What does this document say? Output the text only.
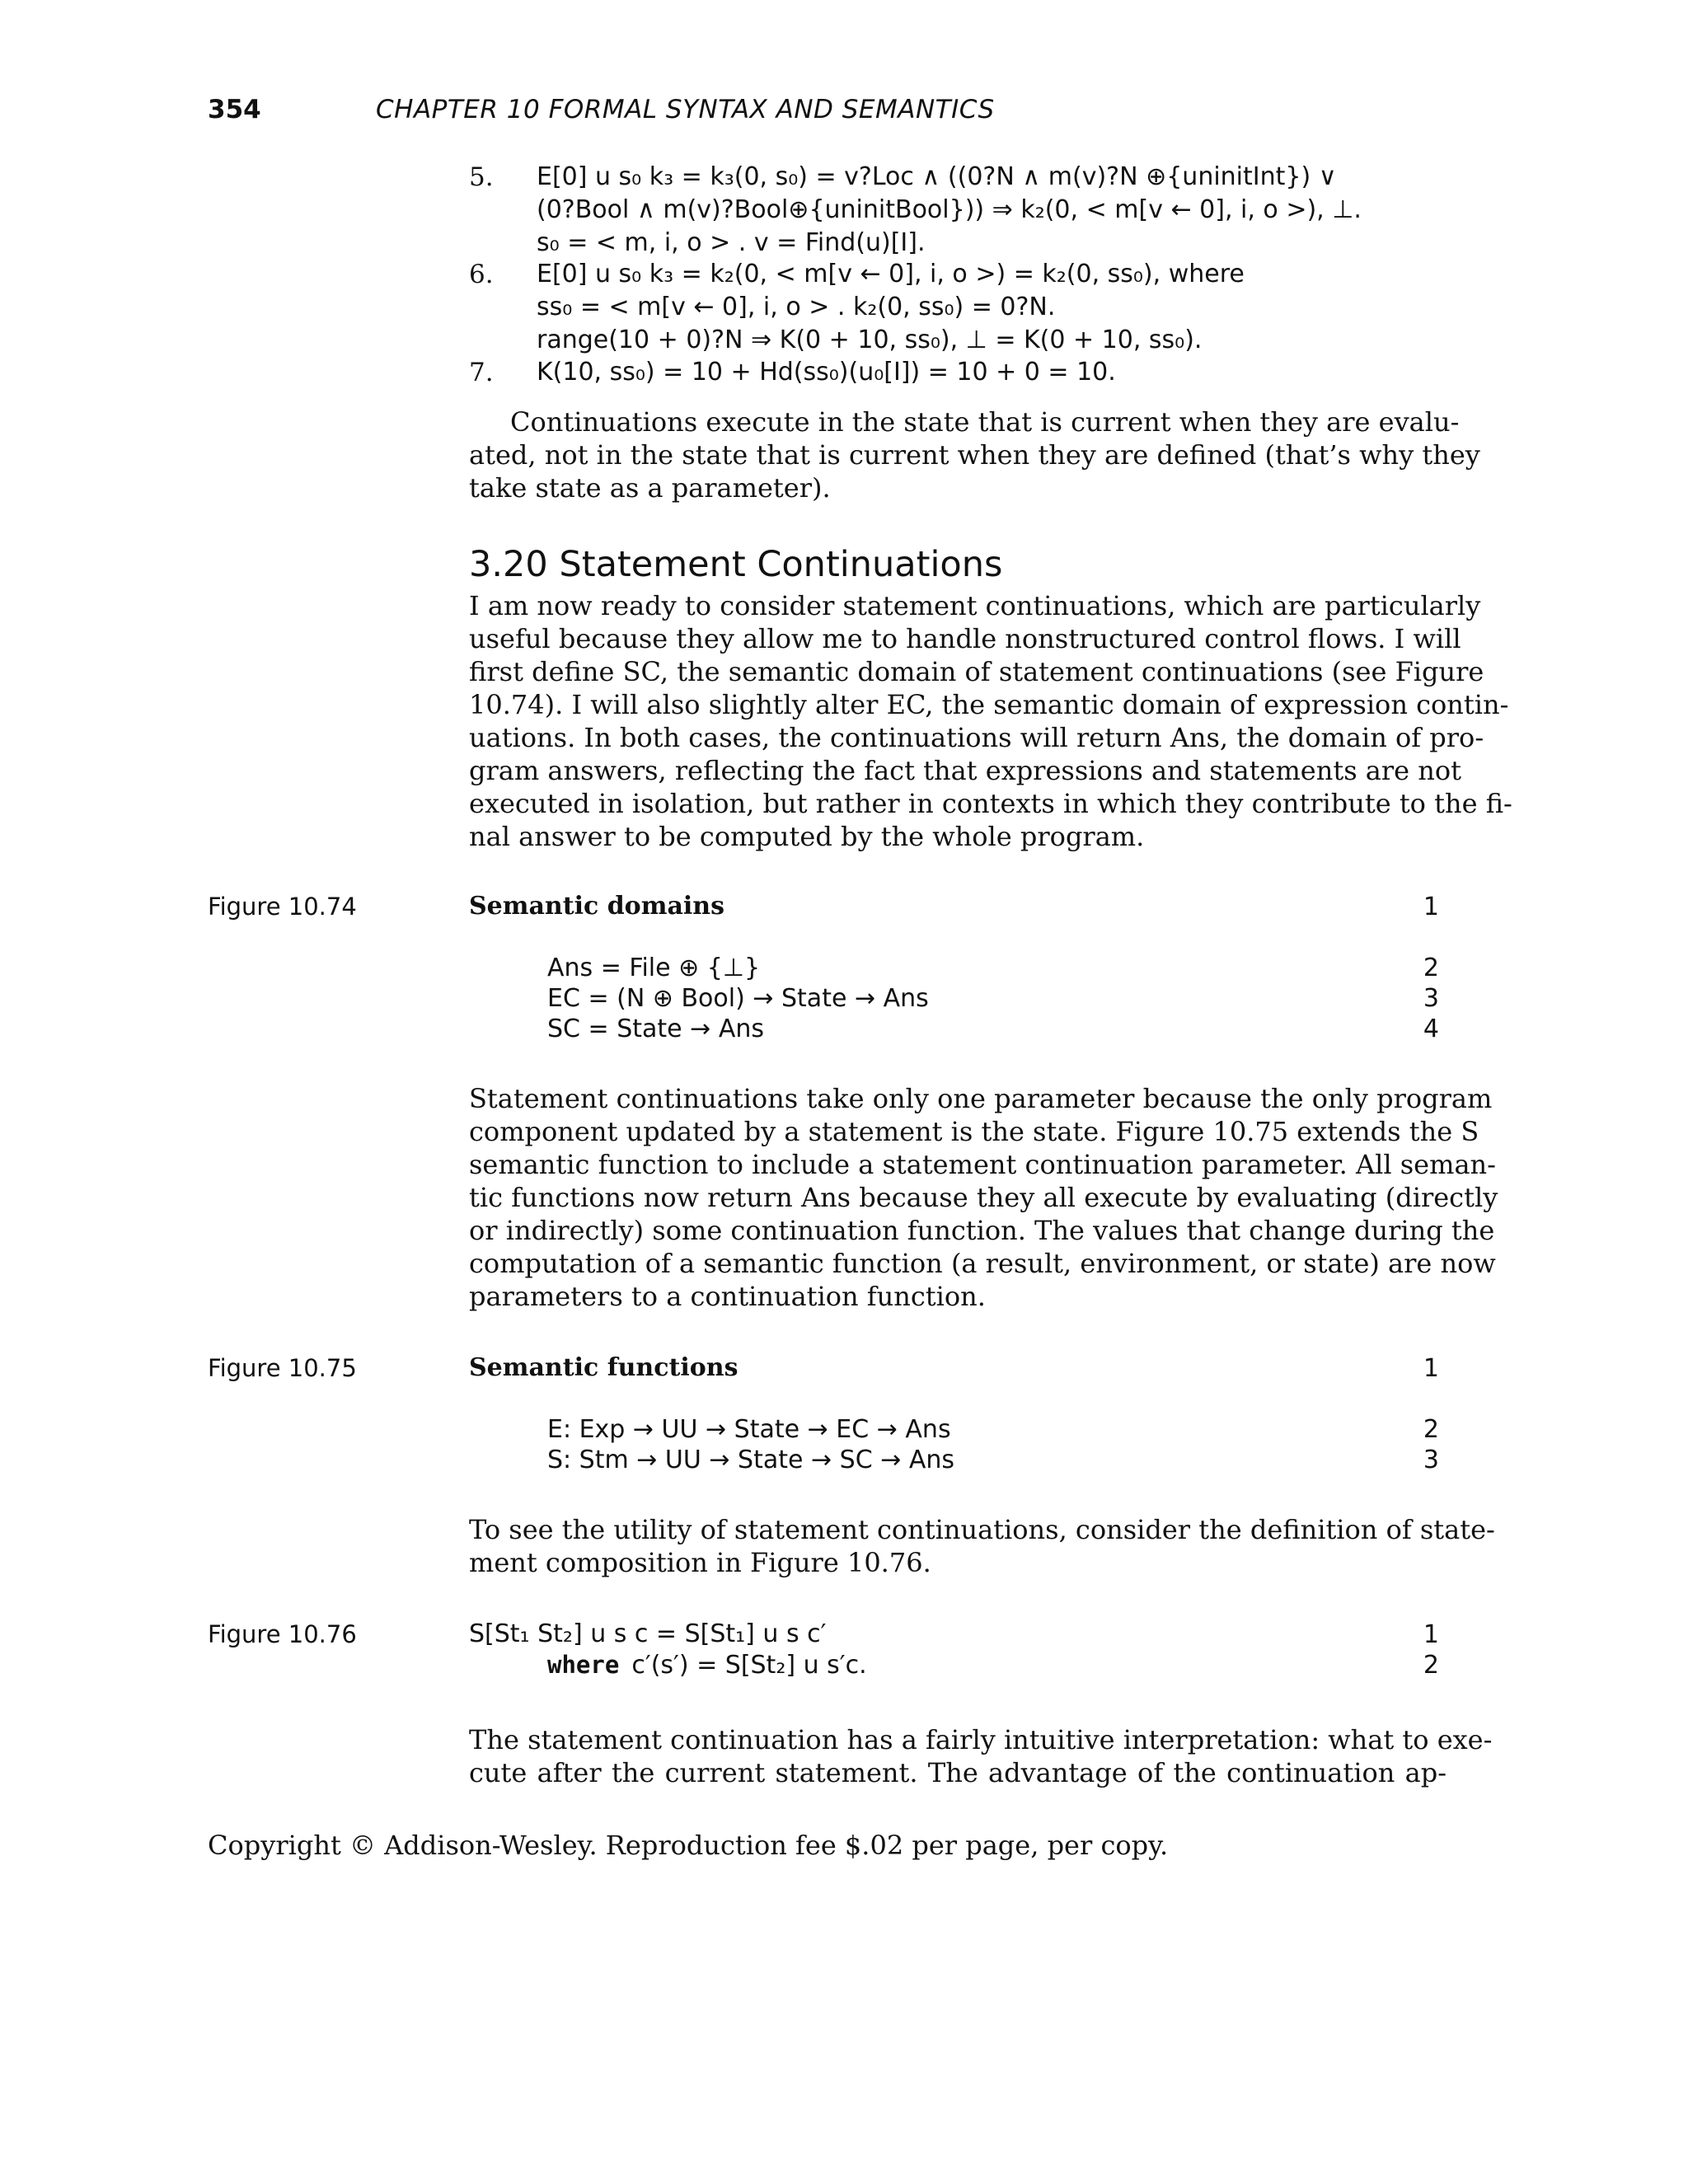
354	CHAPTER 10 FORMAL SYNTAX AND SEMANTICS
5. E[0] u s₀ k₃ = k₃(0, s₀) = v?Loc ∧ ((0?N ∧ m(v)?N ⊕{uninitInt}) ∨
(0?Bool ∧ m(v)?Bool⊕{uninitBool})) ⇒ k₂(0, < m[v ← 0], i, o >), ⊥.
s₀ = < m, i, o > . v = Find(u)[I].
6. E[0] u s₀ k₃ = k₂(0, < m[v ← 0], i, o >) = k₂(0, ss₀), where
ss₀ = < m[v ← 0], i, o > . k₂(0, ss₀) = 0?N.
range(10 + 0)?N ⇒ K(0 + 10, ss₀), ⊥ = K(0 + 10, ss₀).
7. K(10, ss₀) = 10 + Hd(ss₀)(u₀[I]) = 10 + 0 = 10.
Continuations execute in the state that is current when they are evalu-
ated, not in the state that is current when they are defined (that’s why they
take state as a parameter).
3.20 Statement Continuations
I am now ready to consider statement continuations, which are particularly
useful because they allow me to handle nonstructured control flows. I will
first define SC, the semantic domain of statement continuations (see Figure
10.74). I will also slightly alter EC, the semantic domain of expression contin-
uations. In both cases, the continuations will return Ans, the domain of pro-
gram answers, reflecting the fact that expressions and statements are not
executed in isolation, but rather in contexts in which they contribute to the fi-
nal answer to be computed by the whole program.
Figure 10.74	Semantic domains	1
Ans = File ⊕ {⊥}	2
EC = (N ⊕ Bool) → State → Ans	3
SC = State → Ans	4
Statement continuations take only one parameter because the only program
component updated by a statement is the state. Figure 10.75 extends the S
semantic function to include a statement continuation parameter. All seman-
tic functions now return Ans because they all execute by evaluating (directly
or indirectly) some continuation function. The values that change during the
computation of a semantic function (a result, environment, or state) are now
parameters to a continuation function.
Figure 10.75	Semantic functions	1
E: Exp → UU → State → EC → Ans	2
S: Stm → UU → State → SC → Ans	3
To see the utility of statement continuations, consider the definition of state-
ment composition in Figure 10.76.
Figure 10.76	S[St₁ St₂] u s c = S[St₁] u s c′	1
where c′(s′) = S[St₂] u s′c.	2
The statement continuation has a fairly intuitive interpretation: what to exe-
cute after the current statement. The advantage of the continuation ap-
Copyright © Addison-Wesley. Reproduction fee $.02 per page, per copy.
